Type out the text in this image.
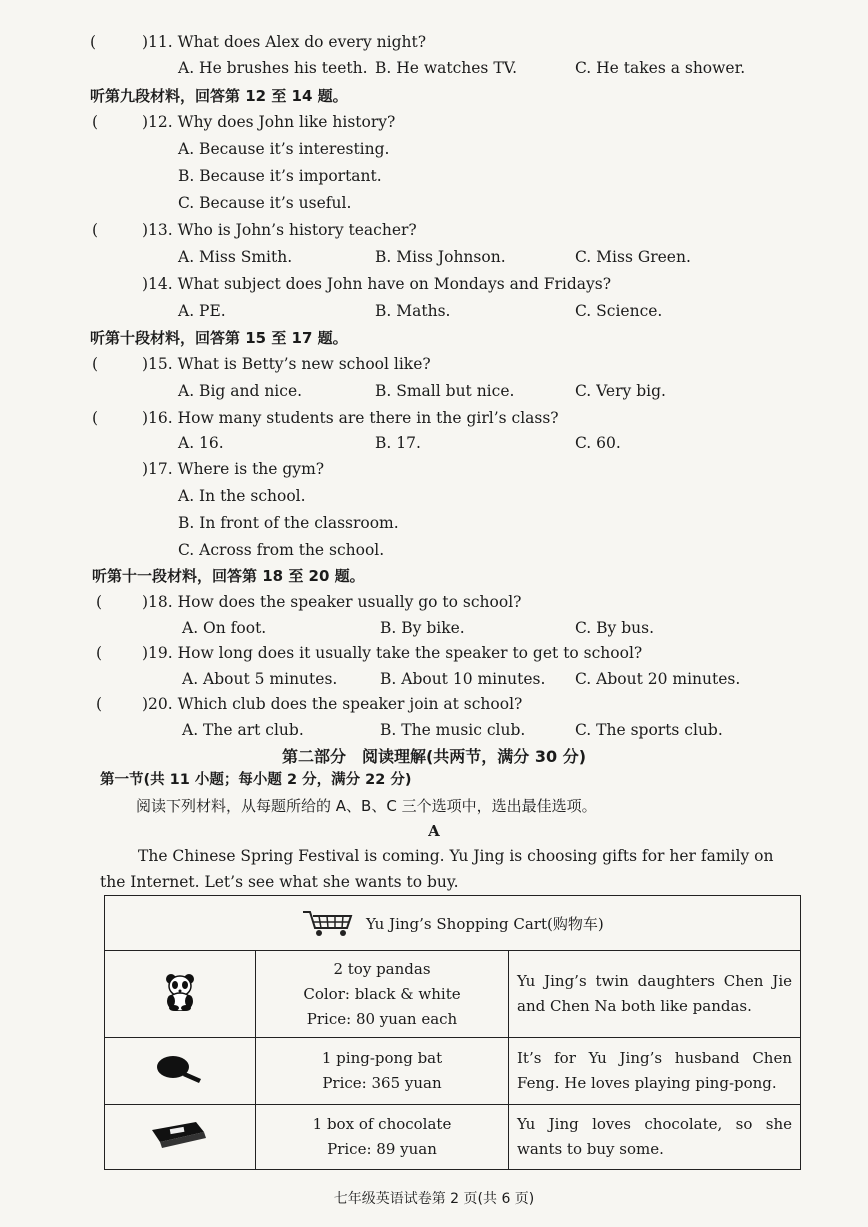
(	)11. What does Alex do every night?
A. He brushes his teeth. B. He watches TV.	C. He takes a shower.
听第九段材料，回答第 12 至 14 题。
(	)12. Why does John like history?
A. Because it’s interesting.
B. Because it’s important.
C. Because it’s useful.
(	)13. Who is John’s history teacher?
A. Miss Smith.	B. Miss Johnson.	C. Miss Green.
)14. What subject does John have on Mondays and Fridays?
A. PE.	B. Maths.	C. Science.
听第十段材料，回答第 15 至 17 题。
(	)15. What is Betty’s new school like?
A. Big and nice.	B. Small but nice.	C. Very big.
(	)16. How many students are there in the girl’s class?
A. 16.	B. 17.	C. 60.
)17. Where is the gym?
A. In the school.
B. In front of the classroom.
C. Across from the school.
听第十一段材料，回答第 18 至 20 题。
(	)18. How does the speaker usually go to school?
A. On foot.	B. By bike.	C. By bus.
(	)19. How long does it usually take the speaker to get to school?
A. About 5 minutes.	B. About 10 minutes. C. About 20 minutes.
(	)20. Which club does the speaker join at school?
A. The art club.	B. The music club.	C. The sports club.
第二部分　阅读理解(共两节，满分 30 分)
第一节(共 11 小题；每小题 2 分，满分 22 分)
阅读下列材料，从每题所给的 A、B、C 三个选项中，选出最佳选项。
A
The Chinese Spring Festival is coming. Yu Jing is choosing gifts for her family on the Internet. Let’s see what she wants to buy.
Yu Jing’s Shopping Cart(购物车)		

2 toy pandas
Color: black & white
Price: 80 yuan each	Yu Jing’s twin daughters Chen Jie and Chen Na both like pandas.

1 ping-pong bat
Price: 365 yuan	It’s for Yu Jing’s husband Chen Feng. He loves playing ping-pong.

1 box of chocolate
Price: 89 yuan	Yu Jing loves chocolate, so she wants to buy some.
七年级英语试卷第 2 页(共 6 页)
